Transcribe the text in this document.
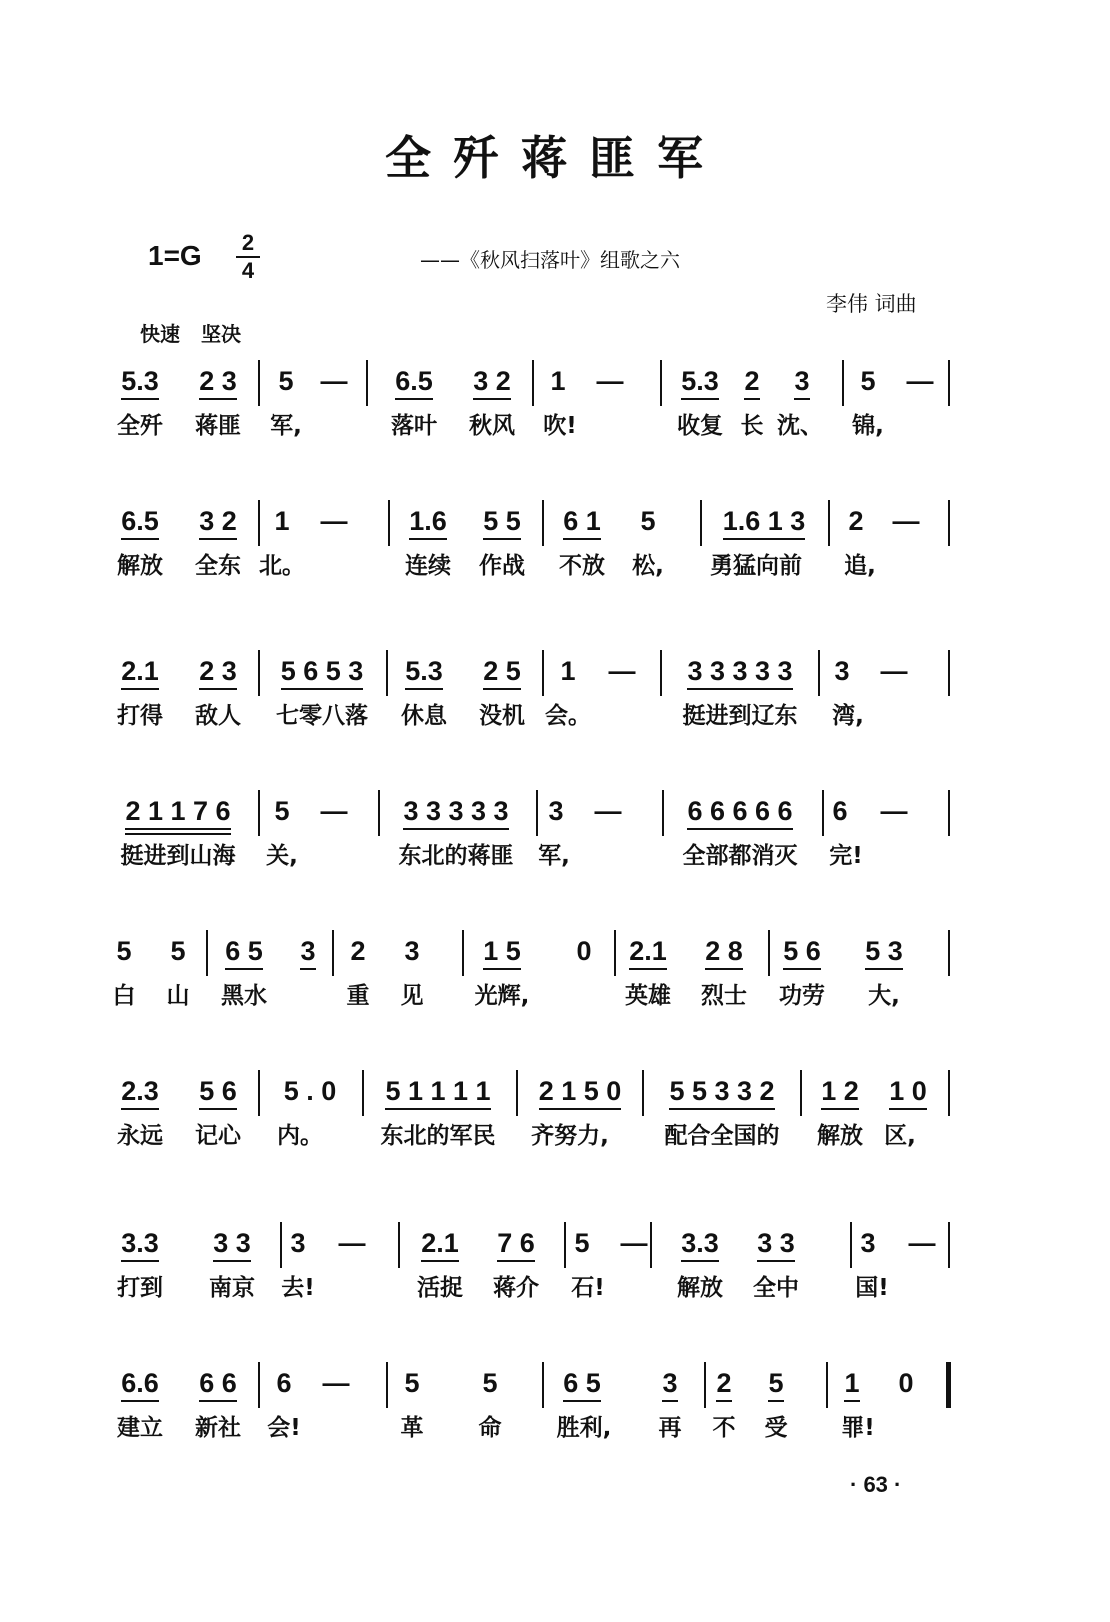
全歼蒋匪军
1=G 2
4	——《秋风扫落叶》组歌之六
李伟 词曲
快速 坚决
5.3 2 3 5 — 6.5 3 2 1 — 5.3 2 3 5 —
全歼 蒋匪 军,	落叶 秋风 吹!	收复 长 沈、 锦,
6.5 3 2 1 — 1.6 5 5 6 1 5 1.6 1 3 2 —
解放 全东 北。	连续 作战 不放 松, 勇猛向前 追,
2.1 2 3 5 6 5 3 5.3 2 5 1 — 3 3 3 3 3 3 —
打得 敌人 七零八落 休息 没机 会。	挺进到辽东 湾,
2 1 1 7 6 5 — 3 3 3 3 3 3 — 6 6 6 6 6 6 —
挺进到山海 关,	东北的蒋匪 军,	全部都消灭 完!
5 5 6 5 3 2 3 1 5 0 2.1 2 8 5 6 5 3
白 山 黑水	重 见 光辉,	英雄 烈士 功劳 大,
2.3 5 6 5 . 0 5 1 1 1 1 2 1 5 0 5 5 3 3 2 1 2 1 0
永远 记心 内。	东北的军民 齐努力, 配合全国的 解放 区,
3.3 3 3 3 — 2.1 7 6 5 — 3.3 3 3 3 —
打到 南京 去!	活捉 蒋介 石!	解放 全中 国!
6.6 6 6 6 — 5 5 6 5 3 2 5 1 0
建立 新社 会!	革 命 胜利, 再 不 受 罪!
· 63 ·
